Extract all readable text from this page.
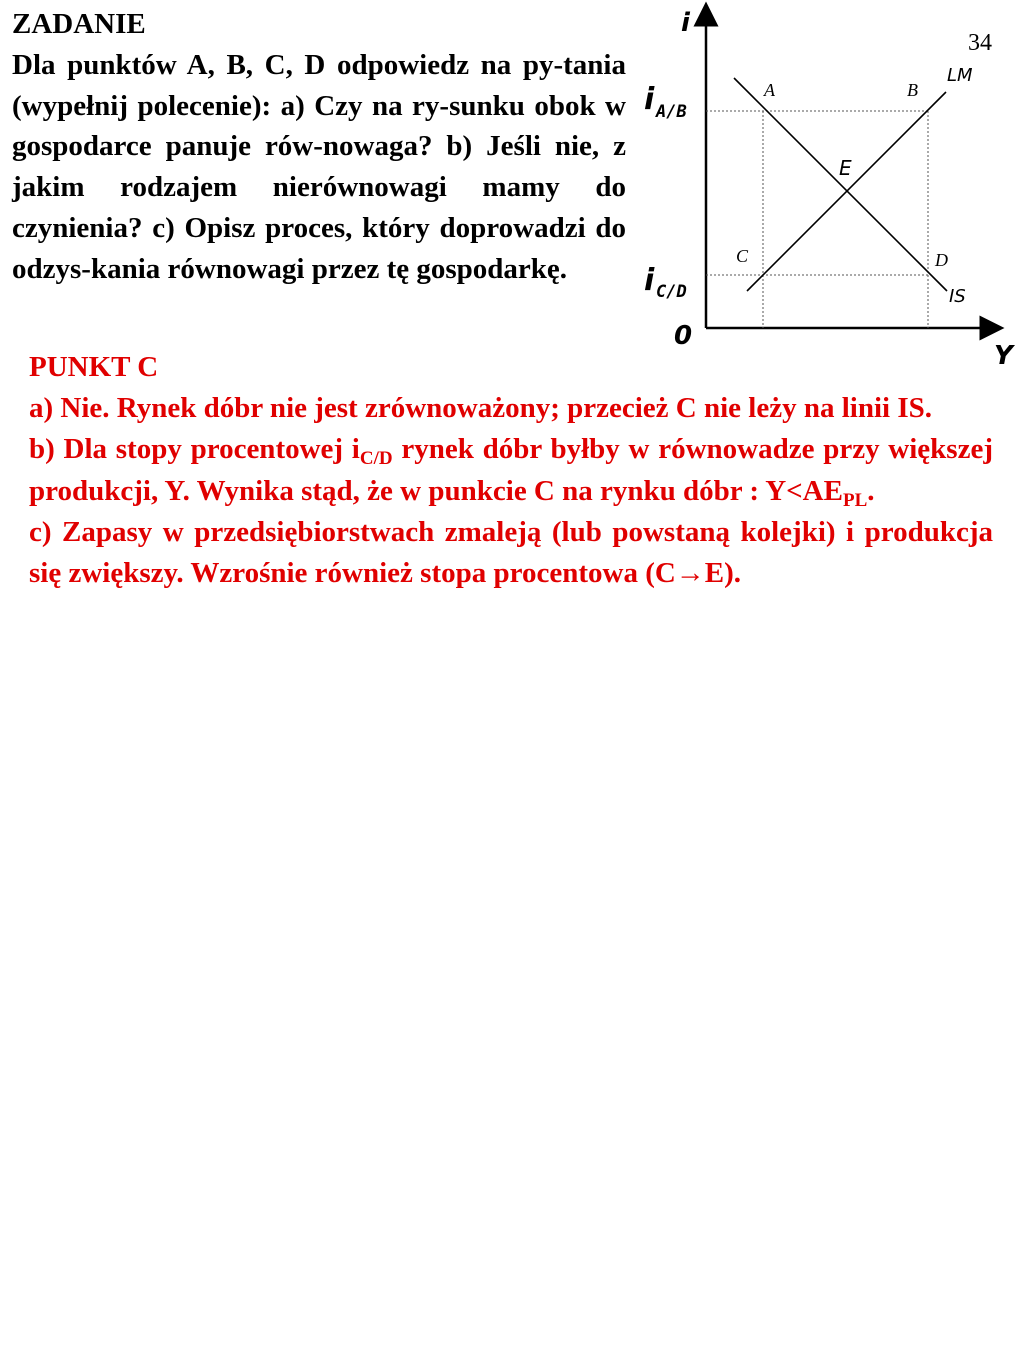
ZADANIE
Dla punktów A, B, C, D odpowiedz na py-tania (wypełnij polecenie): a) Czy na ry-sunku obok w gospodarce panuje rów-nowaga? b) Jeśli nie, z jakim rodzajem nierównowagi mamy do czynienia? c) Opisz proces, który doprowadzi do odzys-kania równowagi przez tę gospodarkę.
34
i
Y
0
i A/B
i C/D
LM
IS
A	B
C	D
E

PUNKT C

a) Nie. Rynek dóbr nie jest zrównoważony; przecież C nie leży na linii IS.

b) Dla stopy procentowej $i_{C/D}$ rynek dóbr byłby w równowadze przy większej produkcji, Y. Wynika stąd, że w punkcie C na rynku dóbr : $Y<AE_{PL}$.

c) Zapasy w przedsiębiorstwach zmaleją (lub powstaną kolejki) i produkcja się zwiększy. Wzrośnie również stopa procentowa (C→E).
